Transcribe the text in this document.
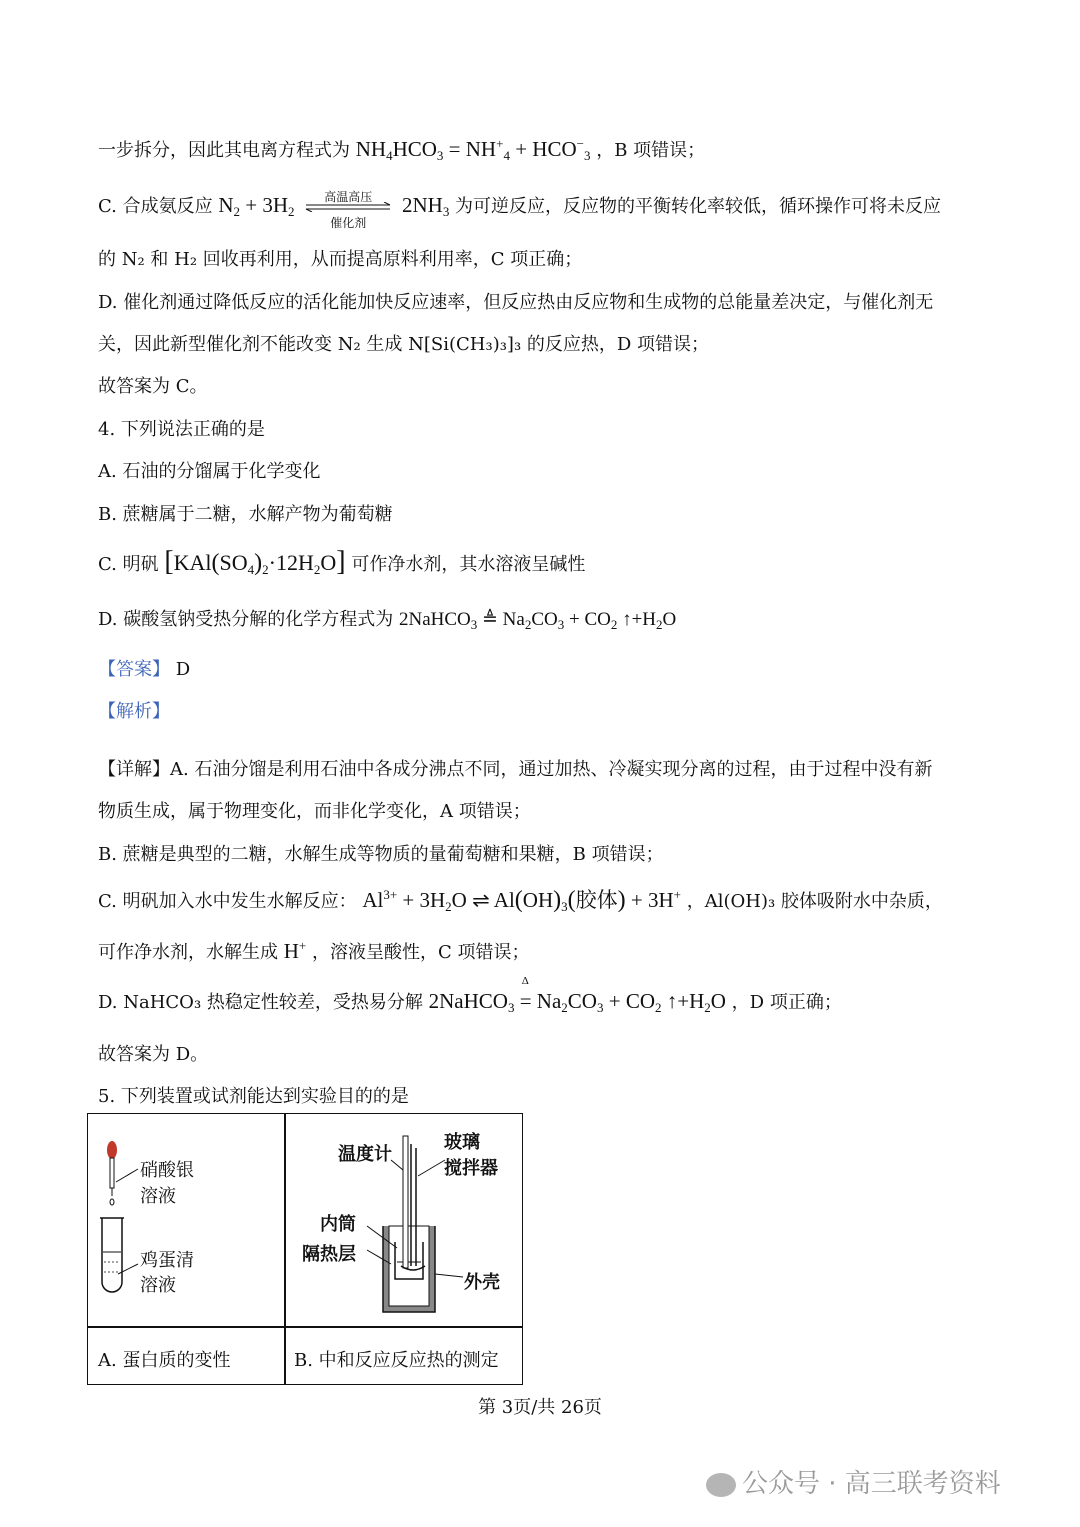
一步拆分，因此其电离方程式为 $NH_4HCO_3 = NH^+_4 + HCO^-_3$ ，B 项错误；
C. 合成氨反应 $N_2 + 3H_2$
高温高压
催化剂
$2NH_3$ 为可逆反应，反应物的平衡转化率较低，循环操作可将未反应
的 N₂ 和 H₂ 回收再利用，从而提高原料利用率，C 项正确；
D. 催化剂通过降低反应的活化能加快反应速率，但反应热由反应物和生成物的总能量差决定，与催化剂无
关，因此新型催化剂不能改变 N₂ 生成 N[Si(CH₃)₃]₃ 的反应热，D 项错误；
故答案为 C。
4. 下列说法正确的是
A. 石油的分馏属于化学变化
B. 蔗糖属于二糖，水解产物为葡萄糖
C. 明矾 $[KAl(SO_4)_2\cdot 12H_2O]$ 可作净水剂，其水溶液呈碱性
D. 碳酸氢钠受热分解的化学方程式为 2NaHCO$_3$ ≜ $Na_2CO_3 + CO_2$ $↑+H_2O$
【答案】 D
【解析】
【详解】A. 石油分馏是利用石油中各成分沸点不同，通过加热、冷凝实现分离的过程，由于过程中没有新
物质生成，属于物理变化，而非化学变化，A 项错误；
B. 蔗糖是典型的二糖，水解生成等物质的量葡萄糖和果糖，B 项错误；
C. 明矾加入水中发生水解反应： $Al^{3+} + 3H_2O$ ⇌ $Al(OH)_3$(胶体) + 3H+ ，Al(OH)₃ 胶体吸附水中杂质，
可作净水剂，水解生成 H+ ，溶液呈酸性，C 项错误；
D. NaHCO₃ 热稳定性较差，受热易分解 2NaHCO$_3$
Δ
= $Na_2CO_3 + CO_2$ $↑+H_2O$ ，D 项正确；
故答案为 D。
5. 下列装置或试剂能达到实验目的的是
硝酸银
溶液
鸡蛋清
溶液
温度计
玻璃
搅拌器
内筒
隔热层
外壳
A. 蛋白质的变性	B. 中和反应反应热的测定
第 3页/共 26页
公众号 · 高三联考资料
